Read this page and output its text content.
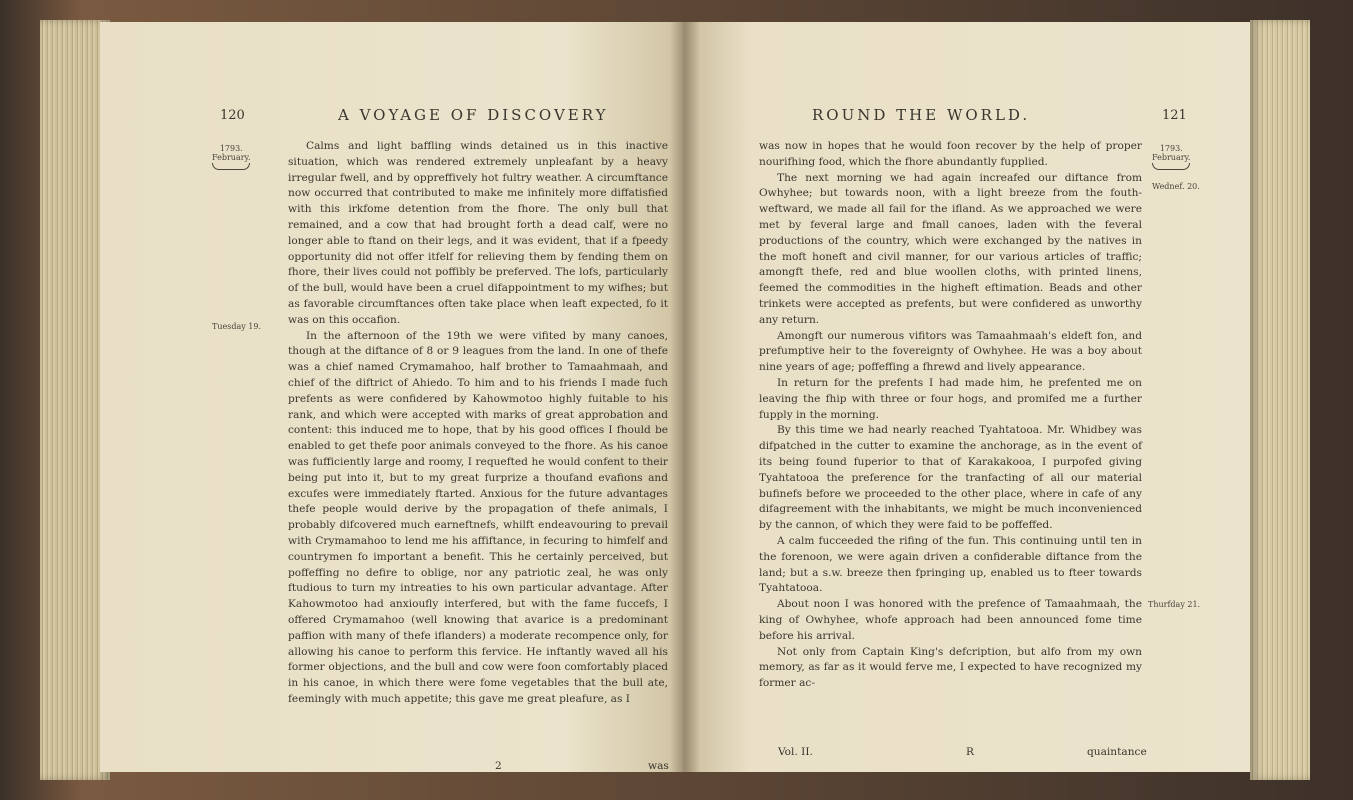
120	A VOYAGE OF DISCOVERY
1793.
February.
Tuesday 19.

Calms and light baffling winds detained us in this inactive situation, which was rendered extremely unpleafant by a heavy irregular fwell, and by oppreffively hot fultry weather. A circumftance now occurred that contributed to make me infinitely more diffatisfied with this irkfome detention from the fhore. The only bull that remained, and a cow that had brought forth a dead calf, were no longer able to ftand on their legs, and it was evident, that if a fpeedy opportunity did not offer itfelf for relieving them by fending them on fhore, their lives could not poffibly be preferved. The lofs, particularly of the bull, would have been a cruel difappointment to my wifhes; but as favorable circumftances often take place when leaft expected, fo it was on this occafion.

In the afternoon of the 19th we were vifited by many canoes, though at the diftance of 8 or 9 leagues from the land. In one of thefe was a chief named Crymamahoo, half brother to Tamaahmaah, and chief of the diftrict of Ahiedo. To him and to his friends I made fuch prefents as were confidered by Kahowmotoo highly fuitable to his rank, and which were accepted with marks of great approbation and content: this induced me to hope, that by his good offices I fhould be enabled to get thefe poor animals conveyed to the fhore. As his canoe was fufficiently large and roomy, I requefted he would confent to their being put into it, but to my great furprize a thoufand evafions and excufes were immediately ftarted. Anxious for the future advantages thefe people would derive by the propagation of thefe animals, I probably difcovered much earneftnefs, whilft endeavouring to prevail with Crymamahoo to lend me his affiftance, in fecuring to himfelf and countrymen fo important a benefit. This he certainly perceived, but poffeffing no defire to oblige, nor any patriotic zeal, he was only ftudious to turn my intreaties to his own particular advantage. After Kahowmotoo had anxioufly interfered, but with the fame fuccefs, I offered Crymamahoo (well knowing that avarice is a predominant paffion with many of thefe iflanders) a moderate recompence only, for allowing his canoe to perform this fervice. He inftantly waved all his former objections, and the bull and cow were foon comfortably placed in his canoe, in which there were fome vegetables that the bull ate, feemingly with much appetite; this gave me great pleafure, as I

2	was
ROUND THE WORLD.	121
1793.
February.
Wednef. 20.
Thurfday 21.

was now in hopes that he would foon recover by the help of proper nourifhing food, which the fhore abundantly fupplied.

The next morning we had again increafed our diftance from Owhyhee; but towards noon, with a light breeze from the fouth-weftward, we made all fail for the ifland. As we approached we were met by feveral large and fmall canoes, laden with the feveral productions of the country, which were exchanged by the natives in the moft honeft and civil manner, for our various articles of traffic; amongft thefe, red and blue woollen cloths, with printed linens, feemed the commodities in the higheft eftimation. Beads and other trinkets were accepted as prefents, but were confidered as unworthy any return.

Amongft our numerous vifitors was Tamaahmaah's eldeft fon, and prefumptive heir to the fovereignty of Owhyhee. He was a boy about nine years of age; poffeffing a fhrewd and lively appearance.

In return for the prefents I had made him, he prefented me on leaving the fhip with three or four hogs, and promifed me a further fupply in the morning.

By this time we had nearly reached Tyahtatooa. Mr. Whidbey was difpatched in the cutter to examine the anchorage, as in the event of its being found fuperior to that of Karakakooa, I purpofed giving Tyahtatooa the preference for the tranfacting of all our material bufinefs before we proceeded to the other place, where in cafe of any difagreement with the inhabitants, we might be much inconvenienced by the cannon, of which they were faid to be poffeffed.

A calm fucceeded the rifing of the fun. This continuing until ten in the forenoon, we were again driven a confiderable diftance from the land; but a s.w. breeze then fpringing up, enabled us to fteer towards Tyahtatooa.

About noon I was honored with the prefence of Tamaahmaah, the king of Owhyhee, whofe approach had been announced fome time before his arrival.

Not only from Captain King's defcription, but alfo from my own memory, as far as it would ferve me, I expected to have recognized my former ac-

Vol. II.	R	quaintance
